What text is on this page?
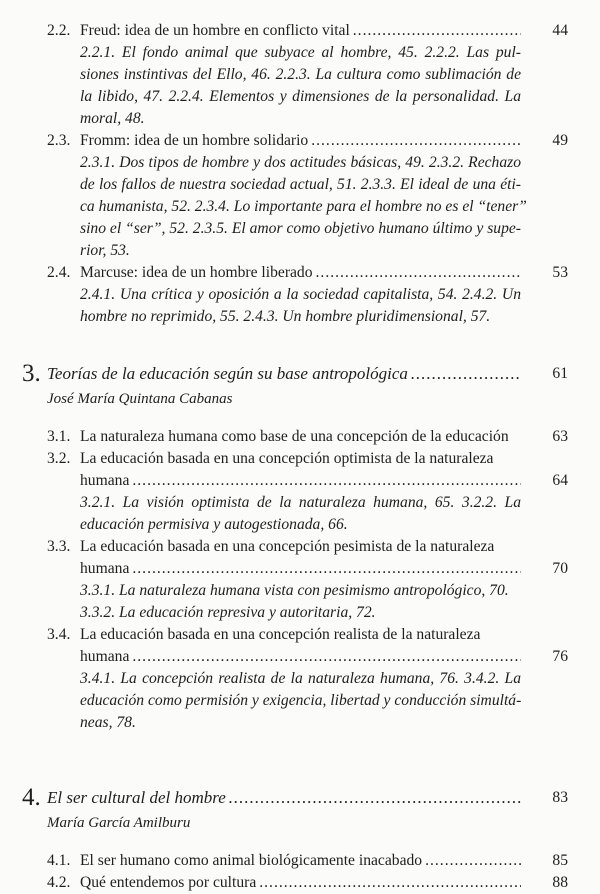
2.2. Freud: idea de un hombre en conflicto vital .....	44
2.2.1. El fondo animal que subyace al hombre, 45. 2.2.2. Las pul-
siones instintivas del Ello, 46. 2.2.3. La cultura como sublimación de
la libido, 47. 2.2.4. Elementos y dimensiones de la personalidad. La
moral, 48.
2.3. Fromm: idea de un hombre solidario .....	49
2.3.1. Dos tipos de hombre y dos actitudes básicas, 49. 2.3.2. Rechazo
de los fallos de nuestra sociedad actual, 51. 2.3.3. El ideal de una éti-
ca humanista, 52. 2.3.4. Lo importante para el hombre no es el “tener”
sino el “ser”, 52. 2.3.5. El amor como objetivo humano último y supe-
rior, 53.
2.4. Marcuse: idea de un hombre liberado .....	53
2.4.1. Una crítica y oposición a la sociedad capitalista, 54. 2.4.2. Un
hombre no reprimido, 55. 2.4.3. Un hombre pluridimensional, 57.
3. Teorías de la educación según su base antropológica .....	61
José María Quintana Cabanas
3.1. La naturaleza humana como base de una concepción de la educación	63
3.2. La educación basada en una concepción optimista de la naturaleza
humana .....	64
3.2.1. La visión optimista de la naturaleza humana, 65. 3.2.2. La
educación permisiva y autogestionada, 66.
3.3. La educación basada en una concepción pesimista de la naturaleza
humana .....	70
3.3.1. La naturaleza humana vista con pesimismo antropológico, 70.
3.3.2. La educación represiva y autoritaria, 72.
3.4. La educación basada en una concepción realista de la naturaleza
humana .....	76
3.4.1. La concepción realista de la naturaleza humana, 76. 3.4.2. La
educación como permisión y exigencia, libertad y conducción simultá-
neas, 78.
4. El ser cultural del hombre .....	83
María García Amilburu
4.1. El ser humano como animal biológicamente inacabado .....	85
4.2. Qué entendemos por cultura .....	88
